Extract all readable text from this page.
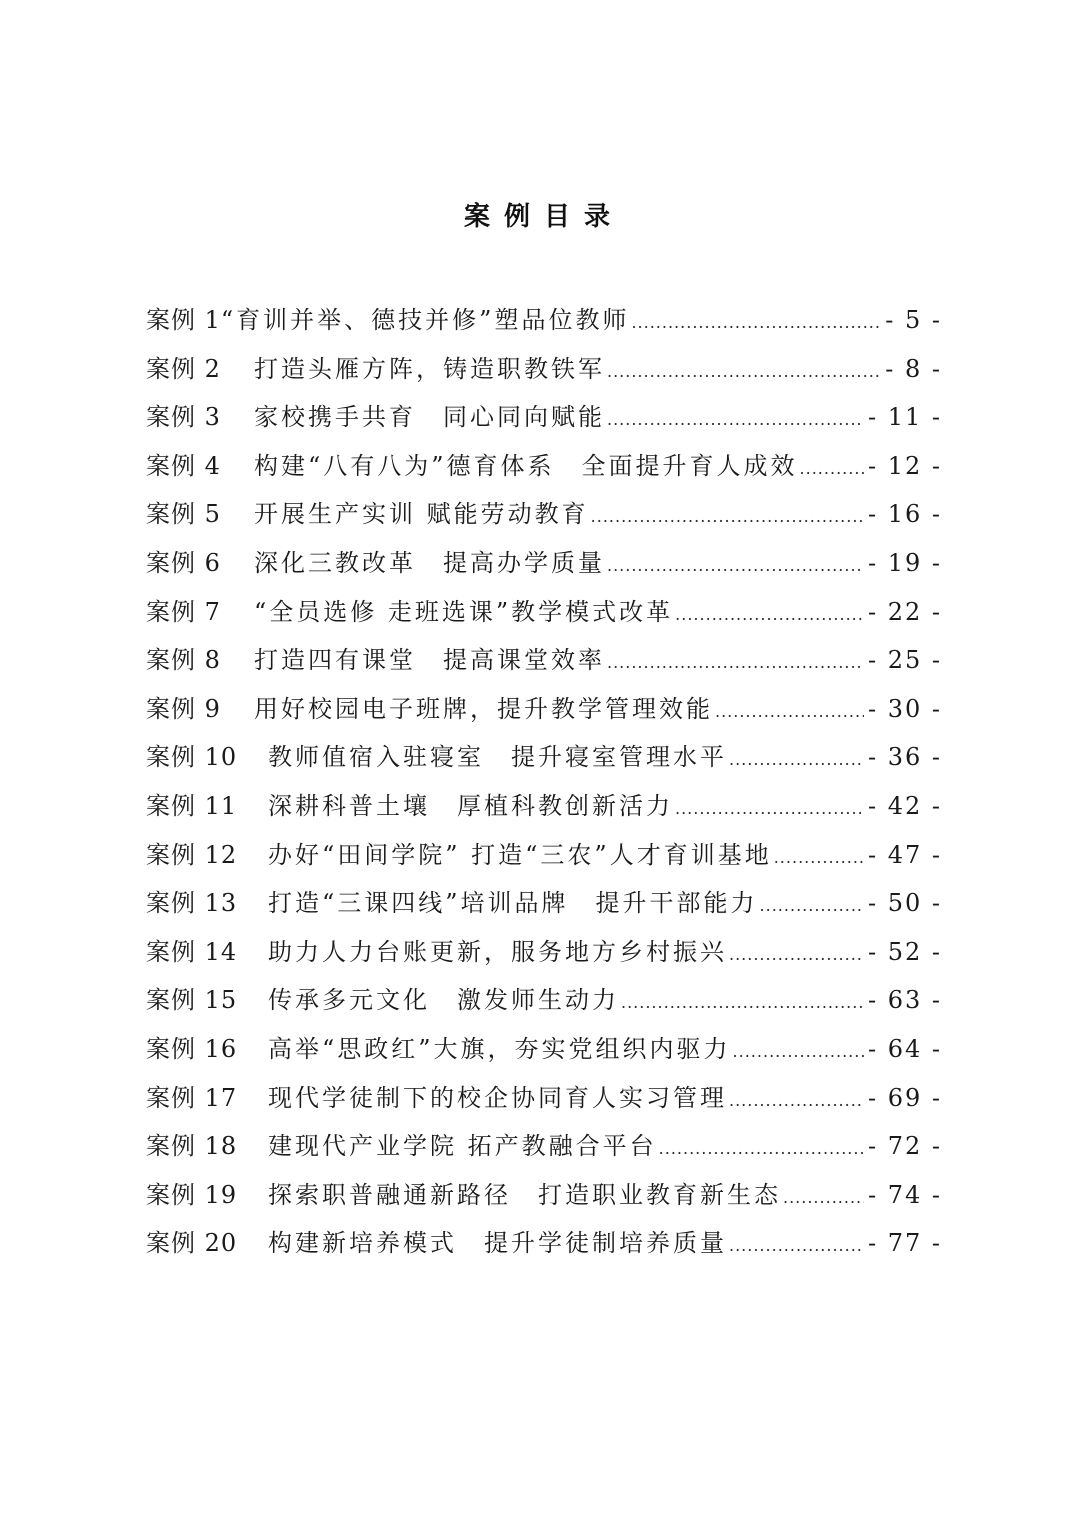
案例目录
案例 1 “育训并举、德技并修”塑品位教师 .....	- 5 -
案例 2	打造头雁方阵，铸造职教铁军 .....	- 8 -
案例 3	家校携手共育　同心同向赋能 .....	- 11 -
案例 4	构建“八有八为”德育体系　全面提升育人成效 .....	- 12 -
案例 5	开展生产实训 赋能劳动教育 .....	- 16 -
案例 6	深化三教改革　提高办学质量 .....	- 19 -
案例 7	“全员选修 走班选课”教学模式改革 .....	- 22 -
案例 8	打造四有课堂　提高课堂效率 .....	- 25 -
案例 9	用好校园电子班牌，提升教学管理效能 .....	- 30 -
案例 10	教师值宿入驻寝室　提升寝室管理水平 .....	- 36 -
案例 11	深耕科普土壤　厚植科教创新活力 .....	- 42 -
案例 12	办好“田间学院” 打造“三农”人才育训基地 .....	- 47 -
案例 13	打造“三课四线”培训品牌　提升干部能力 .....	- 50 -
案例 14	助力人力台账更新，服务地方乡村振兴 .....	- 52 -
案例 15	传承多元文化　激发师生动力 .....	- 63 -
案例 16	高举“思政红”大旗，夯实党组织内驱力 .....	- 64 -
案例 17	现代学徒制下的校企协同育人实习管理 .....	- 69 -
案例 18	建现代产业学院 拓产教融合平台 .....	- 72 -
案例 19	探索职普融通新路径　打造职业教育新生态 .....	- 74 -
案例 20	构建新培养模式　提升学徒制培养质量 .....	- 77 -
